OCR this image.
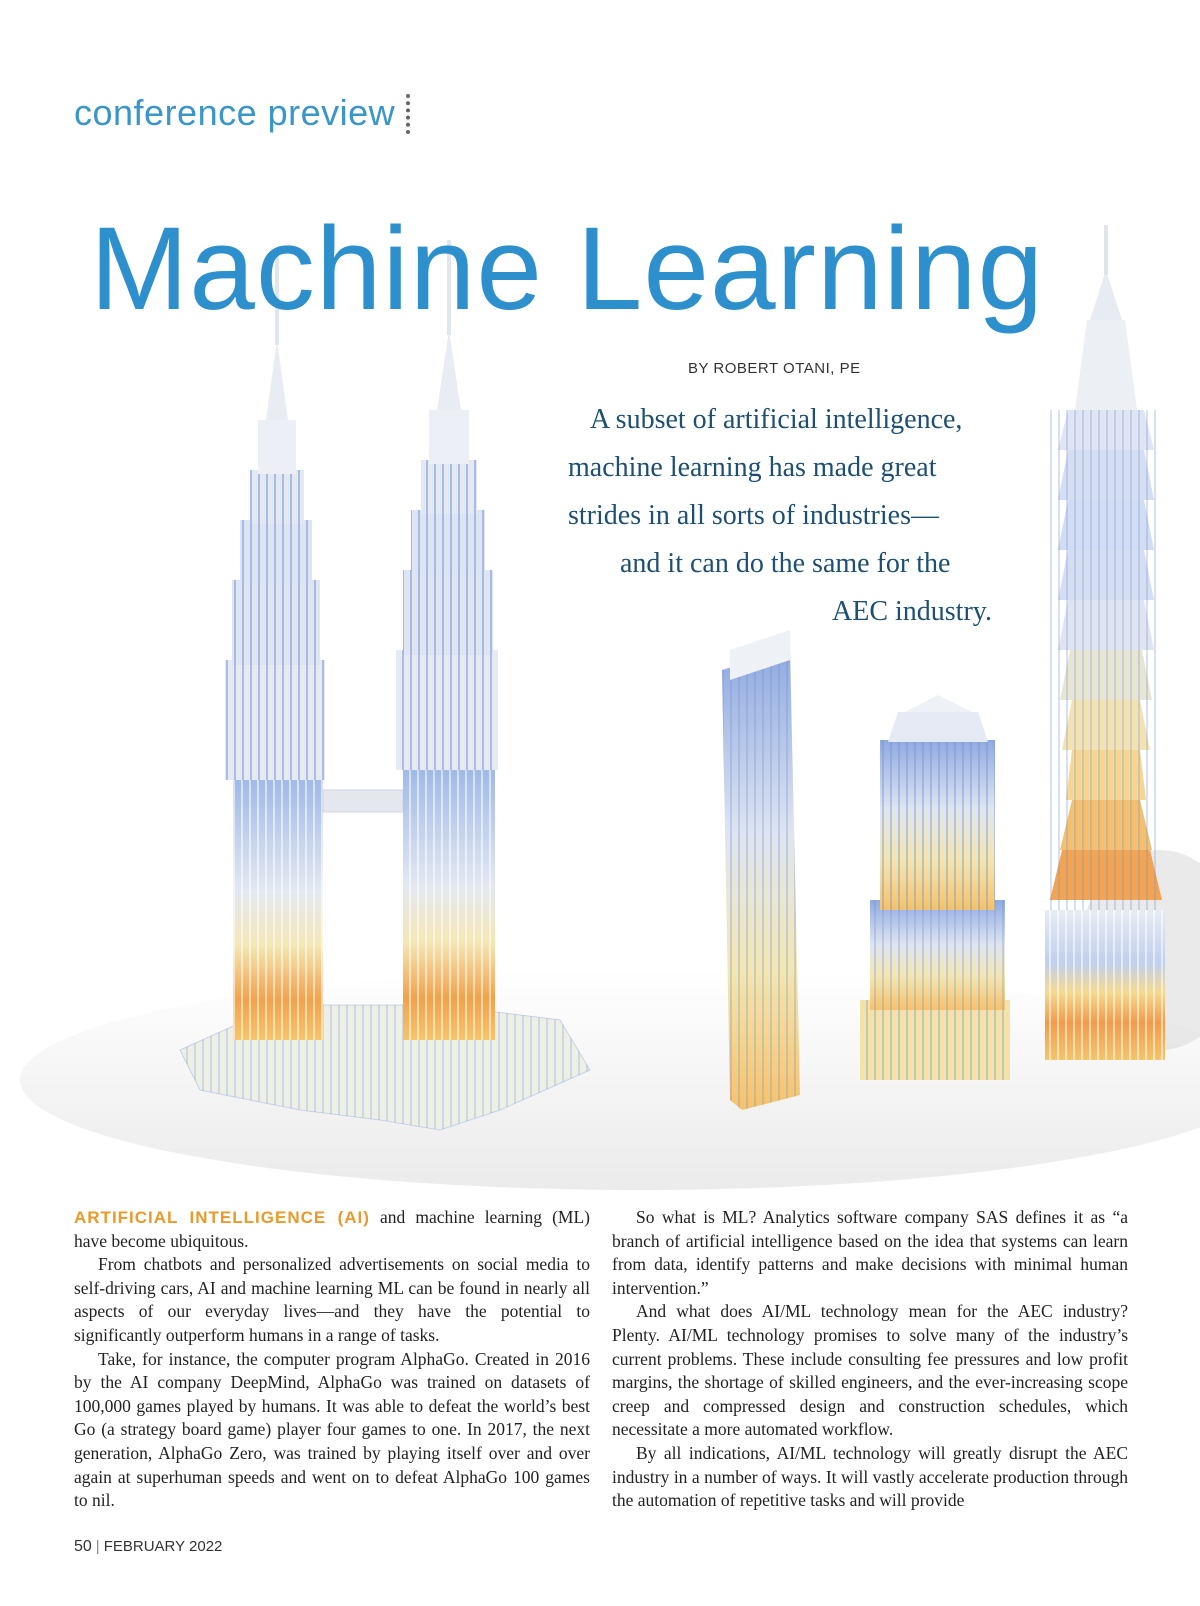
conference preview
Machine Learning
BY ROBERT OTANI, PE
A subset of artificial intelligence,
machine learning has made great
strides in all sorts of industries—
and it can do the same for the
AEC industry.

ARTIFICIAL INTELLIGENCE (AI) and machine learning (ML) have become ubiquitous.

From chatbots and personalized advertisements on social media to self-driving cars, AI and machine learning ML can be found in nearly all aspects of our everyday lives—and they have the potential to significantly outperform humans in a range of tasks.

Take, for instance, the computer program AlphaGo. Created in 2016 by the AI company DeepMind, AlphaGo was trained on datasets of 100,000 games played by humans. It was able to defeat the world’s best Go (a strategy board game) player four games to one. In 2017, the next generation, AlphaGo Zero, was trained by playing itself over and over again at superhuman speeds and went on to defeat AlphaGo 100 games to nil.

So what is ML? Analytics software company SAS defines it as “a branch of artificial intelligence based on the idea that systems can learn from data, identify patterns and make decisions with minimal human intervention.”

And what does AI/ML technology mean for the AEC industry? Plenty. AI/ML technology promises to solve many of the industry’s current problems. These include consulting fee pressures and low profit margins, the shortage of skilled engineers, and the ever-increasing scope creep and compressed design and construction schedules, which necessitate a more automated workflow.

By all indications, AI/ML technology will greatly disrupt the AEC industry in a number of ways. It will vastly accelerate production through the automation of repetitive tasks and will provide

50 | FEBRUARY 2022
